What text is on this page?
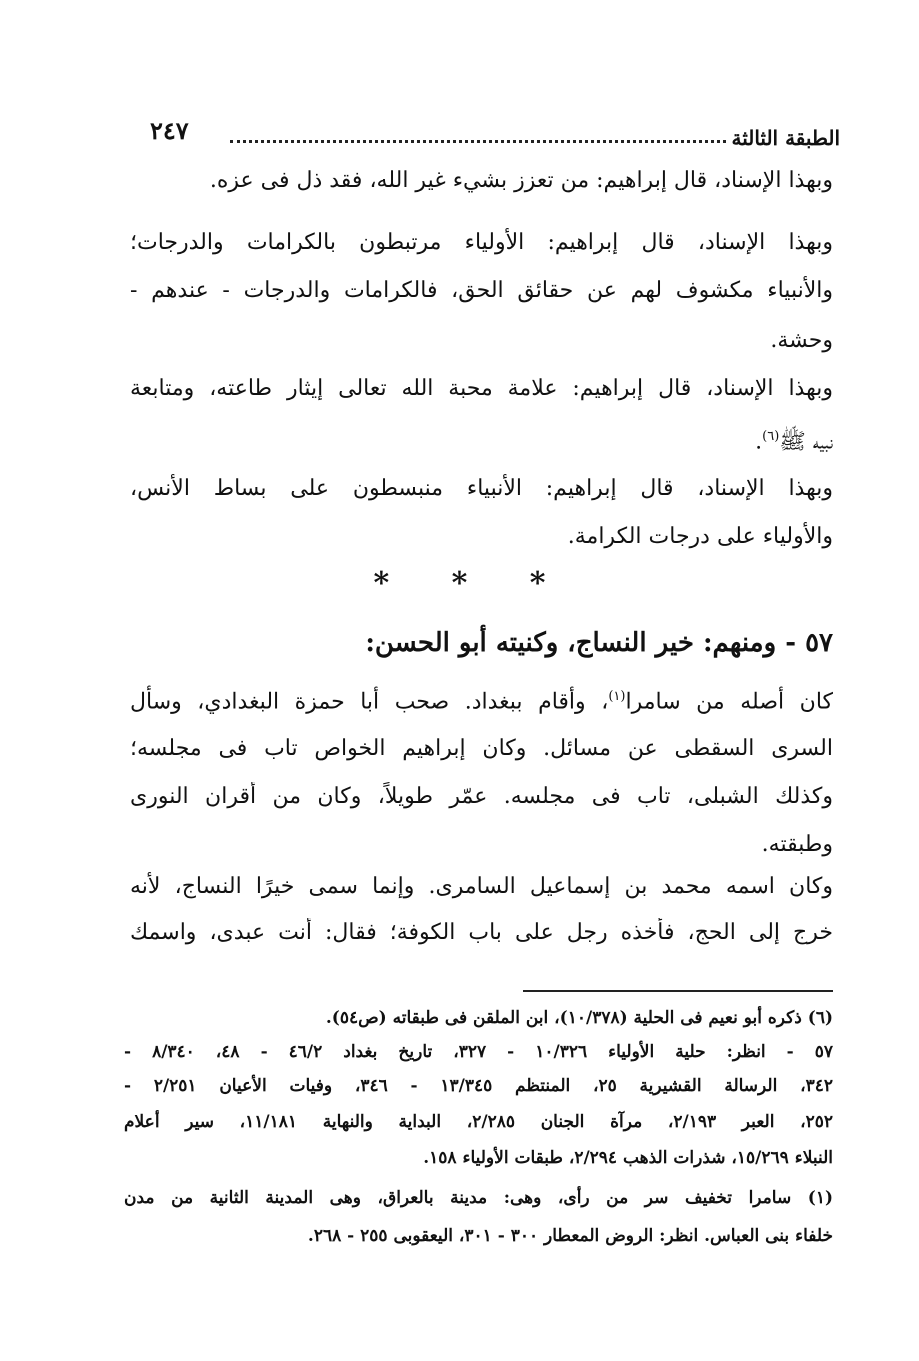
الطبقة الثالثة
٢٤٧
وبهذا الإسناد، قال إبراهيم: من تعزز بشيء غير الله، فقد ذل فى عزه.
وبهذا الإسناد، قال إبراهيم: الأولياء مرتبطون بالكرامات والدرجات؛
والأنبياء مكشوف لهم عن حقائق الحق، فالكرامات والدرجات - عندهم -
وحشة.
وبهذا الإسناد، قال إبراهيم: علامة محبة الله تعالى إيثار طاعته، ومتابعة
نبيه ﷺ$^{(٦)}$.
وبهذا الإسناد، قال إبراهيم: الأنبياء منبسطون على بساط الأنس،
والأولياء على درجات الكرامة.
* * *
٥٧ - ومنهم: خير النساج، وكنيته أبو الحسن:
كان أصله من سامرا$^{(١)}$، وأقام ببغداد. صحب أبا حمزة البغدادي، وسأل
السرى السقطى عن مسائل. وكان إبراهيم الخواص تاب فى مجلسه؛
وكذلك الشبلى، تاب فى مجلسه. عمّر طويلاً، وكان من أقران النورى
وطبقته.
وكان اسمه محمد بن إسماعيل السامرى. وإنما سمى خيرًا النساج، لأنه
خرج إلى الحج، فأخذه رجل على باب الكوفة؛ فقال: أنت عبدى، واسمك
(٦) ذكره أبو نعيم فى الحلية (١٠/٣٧٨)، ابن الملقن فى طبقاته (ص٥٤).
٥٧ - انظر: حلية الأولياء ١٠/٣٢٦ - ٣٢٧، تاريخ بغداد ٤٦/٢ - ٤٨، ٨/٣٤٠ -
٣٤٢، الرسالة القشيرية ٢٥، المنتظم ١٣/٣٤٥ - ٣٤٦، وفيات الأعيان ٢/٢٥١ -
٢٥٢، العبر ٢/١٩٣، مرآة الجنان ٢/٢٨٥، البداية والنهاية ١١/١٨١، سير أعلام
النبلاء ١٥/٢٦٩، شذرات الذهب ٢/٢٩٤، طبقات الأولياء ١٥٨.
(١) سامرا تخفيف سر من رأى، وهى: مدينة بالعراق، وهى المدينة الثانية من مدن
خلفاء بنى العباس. انظر: الروض المعطار ٣٠٠ - ٣٠١، اليعقوبى ٢٥٥ - ٢٦٨.
